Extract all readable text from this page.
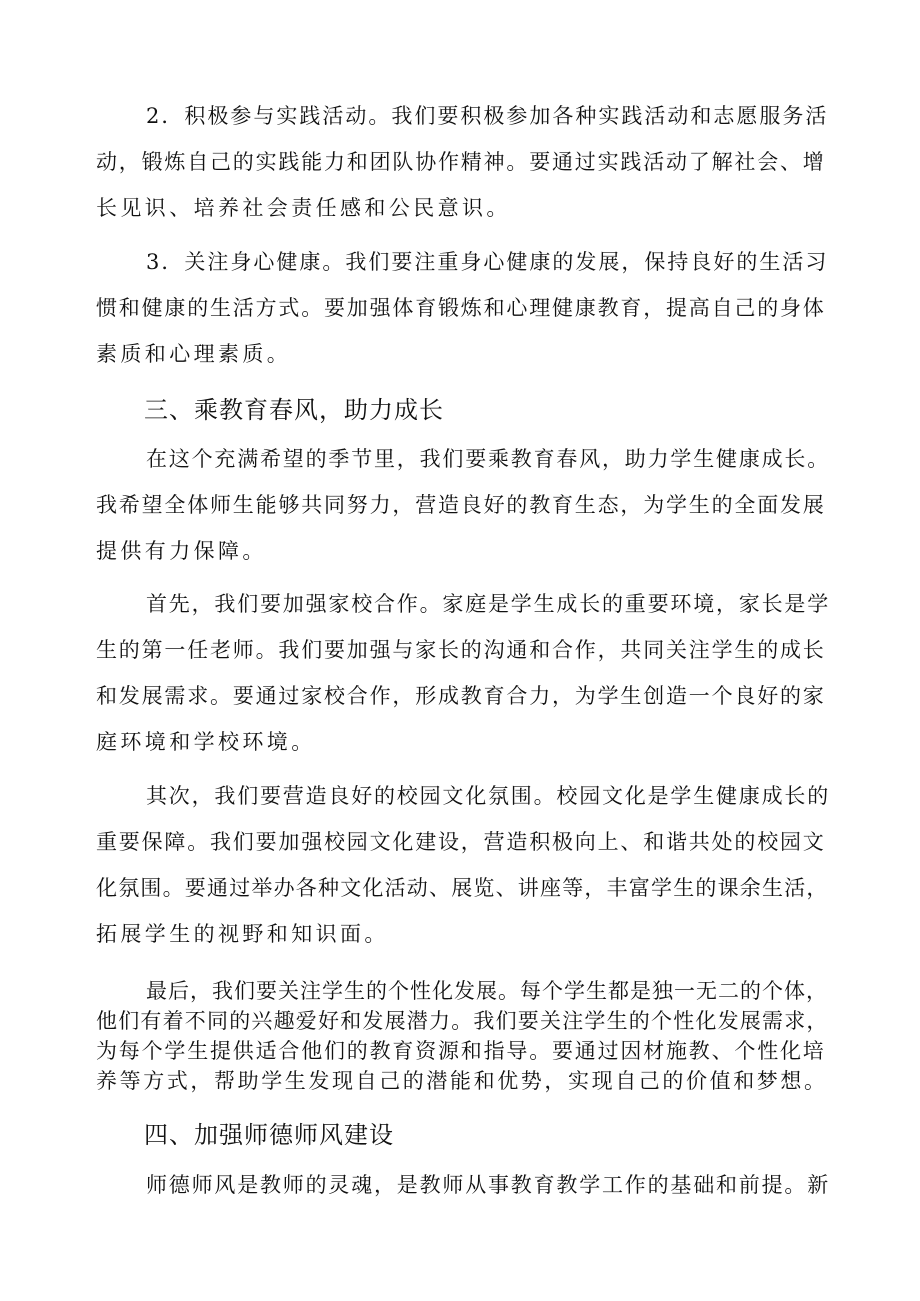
2．积极参与实践活动。我们要积极参加各种实践活动和志愿服务活
动，锻炼自己的实践能力和团队协作精神。要通过实践活动了解社会、增
长见识、培养社会责任感和公民意识。
3．关注身心健康。我们要注重身心健康的发展，保持良好的生活习
惯和健康的生活方式。要加强体育锻炼和心理健康教育，提高自己的身体
素质和心理素质。
三、乘教育春风，助力成长
在这个充满希望的季节里，我们要乘教育春风，助力学生健康成长。
我希望全体师生能够共同努力，营造良好的教育生态，为学生的全面发展
提供有力保障。
首先，我们要加强家校合作。家庭是学生成长的重要环境，家长是学
生的第一任老师。我们要加强与家长的沟通和合作，共同关注学生的成长
和发展需求。要通过家校合作，形成教育合力，为学生创造一个良好的家
庭环境和学校环境。
其次，我们要营造良好的校园文化氛围。校园文化是学生健康成长的
重要保障。我们要加强校园文化建设，营造积极向上、和谐共处的校园文
化氛围。要通过举办各种文化活动、展览、讲座等，丰富学生的课余生活，
拓展学生的视野和知识面。
最后，我们要关注学生的个性化发展。每个学生都是独一无二的个体，
他们有着不同的兴趣爱好和发展潜力。我们要关注学生的个性化发展需求，
为每个学生提供适合他们的教育资源和指导。要通过因材施教、个性化培
养等方式，帮助学生发现自己的潜能和优势，实现自己的价值和梦想。
四、加强师德师风建设
师德师风是教师的灵魂，是教师从事教育教学工作的基础和前提。新
